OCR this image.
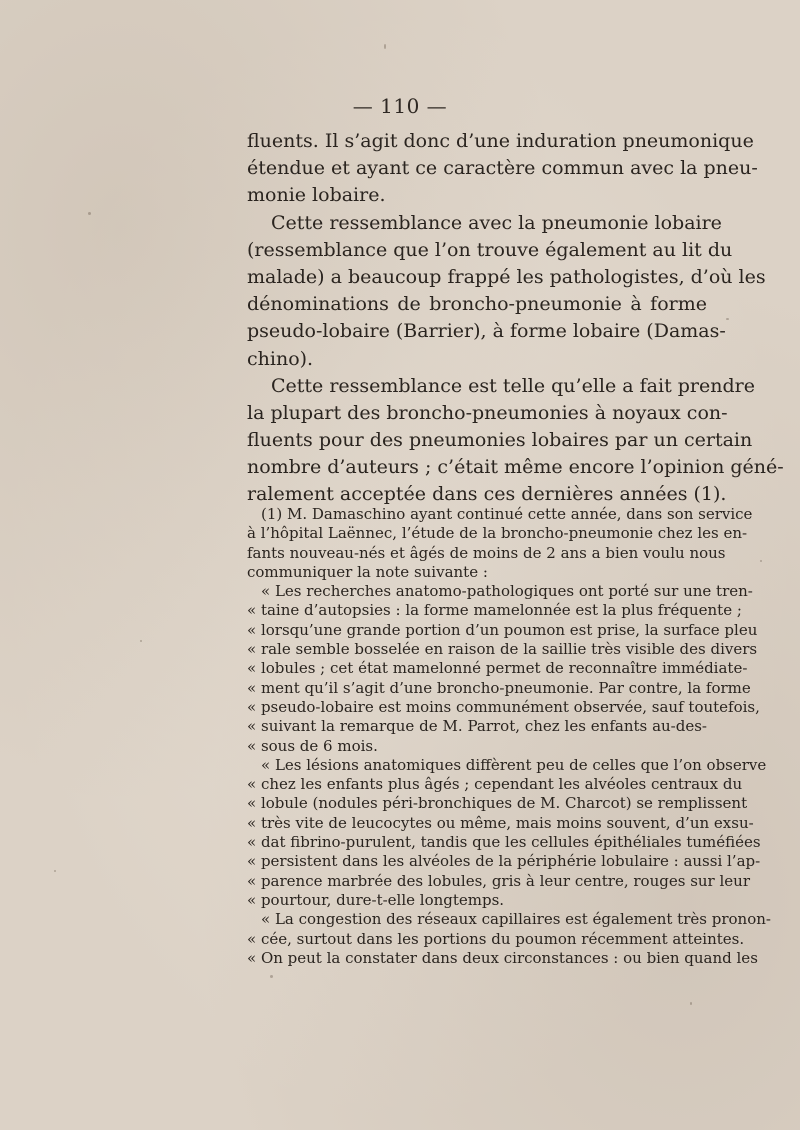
— 110 —
fluents. Il s’agit donc d’une induration pneumonique
étendue et ayant ce caractère commun avec la pneu-
monie lobaire.
Cette ressemblance avec la pneumonie lobaire
(ressemblance que l’on trouve également au lit du
malade) a beaucoup frappé les pathologistes, d’où les
dénominations de broncho-pneumonie à forme
pseudo-lobaire (Barrier), à forme lobaire (Damas-
chino).
Cette ressemblance est telle qu’elle a fait prendre
la plupart des broncho-pneumonies à noyaux con-
fluents pour des pneumonies lobaires par un certain
nombre d’auteurs ; c’était même encore l’opinion géné-
ralement acceptée dans ces dernières années (1).
(1) M. Damaschino ayant continué cette année, dans son service
à l’hôpital Laënnec, l’étude de la broncho-pneumonie chez les en-
fants nouveau-nés et âgés de moins de 2 ans a bien voulu nous
communiquer la note suivante :
« Les recherches anatomo-pathologiques ont porté sur une tren-
« taine d’autopsies : la forme mamelonnée est la plus fréquente ;
« lorsqu’une grande portion d’un poumon est prise, la surface pleu
« rale semble bosselée en raison de la saillie très visible des divers
« lobules ; cet état mamelonné permet de reconnaître immédiate-
« ment qu’il s’agit d’une broncho-pneumonie. Par contre, la forme
« pseudo-lobaire est moins communément observée, sauf toutefois,
« suivant la remarque de M. Parrot, chez les enfants au-des-
« sous de 6 mois.
« Les lésions anatomiques diffèrent peu de celles que l’on observe
« chez les enfants plus âgés ; cependant les alvéoles centraux du
« lobule (nodules péri-bronchiques de M. Charcot) se remplissent
« très vite de leucocytes ou même, mais moins souvent, d’un exsu-
« dat fibrino-purulent, tandis que les cellules épithéliales tuméfiées
« persistent dans les alvéoles de la périphérie lobulaire : aussi l’ap-
« parence marbrée des lobules, gris à leur centre, rouges sur leur
« pourtour, dure-t-elle longtemps.
« La congestion des réseaux capillaires est également très pronon-
« cée, surtout dans les portions du poumon récemment atteintes.
« On peut la constater dans deux circonstances : ou bien quand les
